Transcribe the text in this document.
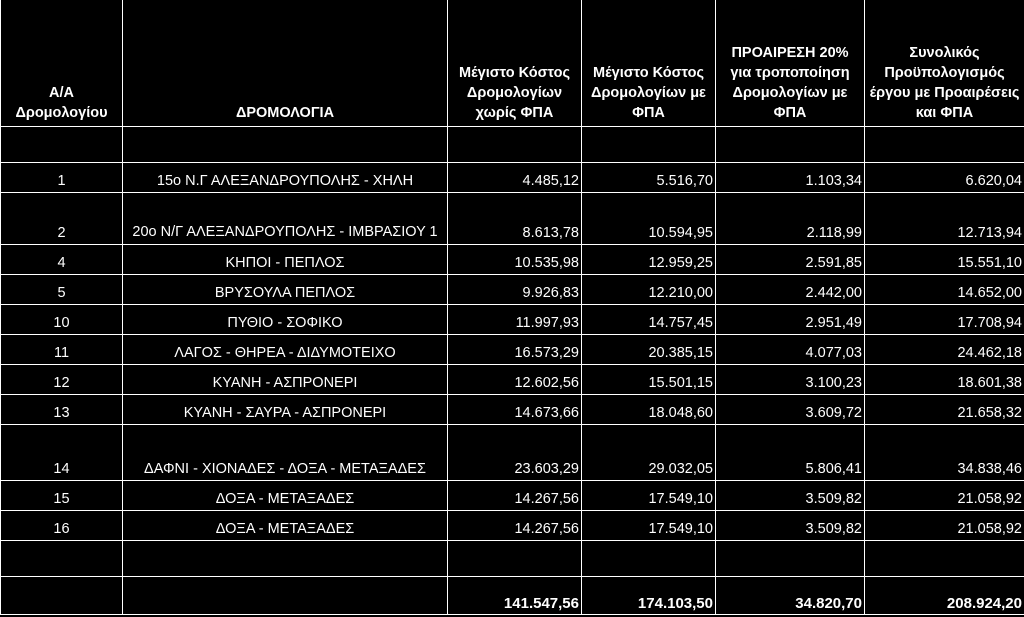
Α/Α Δρομολογίου	ΔΡΟΜΟΛΟΓΙΑ	Μέγιστο Κόστος Δρομολογίων χωρίς ΦΠΑ	Μέγιστο Κόστος Δρομολογίων με ΦΠΑ	ΠΡΟΑΙΡΕΣΗ 20% για τροποποίηση Δρομολογίων με ΦΠΑ	Συνολικός Προϋπολογισμός έργου με Προαιρέσεις και ΦΠΑ

1	15ο Ν.Γ ΑΛΕΞΑΝΔΡΟΥΠΟΛΗΣ - ΧΗΛΗ	4.485,12	5.516,70	1.103,34	6.620,04
2	20ο Ν/Γ ΑΛΕΞΑΝΔΡΟΥΠΟΛΗΣ - ΙΜΒΡΑΣΙΟΥ 1	8.613,78	10.594,95	2.118,99	12.713,94
4	ΚΗΠΟΙ - ΠΕΠΛΟΣ	10.535,98	12.959,25	2.591,85	15.551,10
5	ΒΡΥΣΟΥΛΑ ΠΕΠΛΟΣ	9.926,83	12.210,00	2.442,00	14.652,00
10	ΠΥΘΙΟ - ΣΟΦΙΚΟ	11.997,93	14.757,45	2.951,49	17.708,94
11	ΛΑΓΟΣ - ΘΗΡΕΑ - ΔΙΔΥΜΟΤΕΙΧΟ	16.573,29	20.385,15	4.077,03	24.462,18
12	ΚΥΑΝΗ - ΑΣΠΡΟΝΕΡΙ	12.602,56	15.501,15	3.100,23	18.601,38
13	ΚΥΑΝΗ - ΣΑΥΡΑ - ΑΣΠΡΟΝΕΡΙ	14.673,66	18.048,60	3.609,72	21.658,32
14	ΔΑΦΝΙ - ΧΙΟΝΑΔΕΣ - ΔΟΞΑ - ΜΕΤΑΞΑΔΕΣ	23.603,29	29.032,05	5.806,41	34.838,46
15	ΔΟΞΑ - ΜΕΤΑΞΑΔΕΣ	14.267,56	17.549,10	3.509,82	21.058,92
16	ΔΟΞΑ - ΜΕΤΑΞΑΔΕΣ	14.267,56	17.549,10	3.509,82	21.058,92

		141.547,56	174.103,50	34.820,70	208.924,20
